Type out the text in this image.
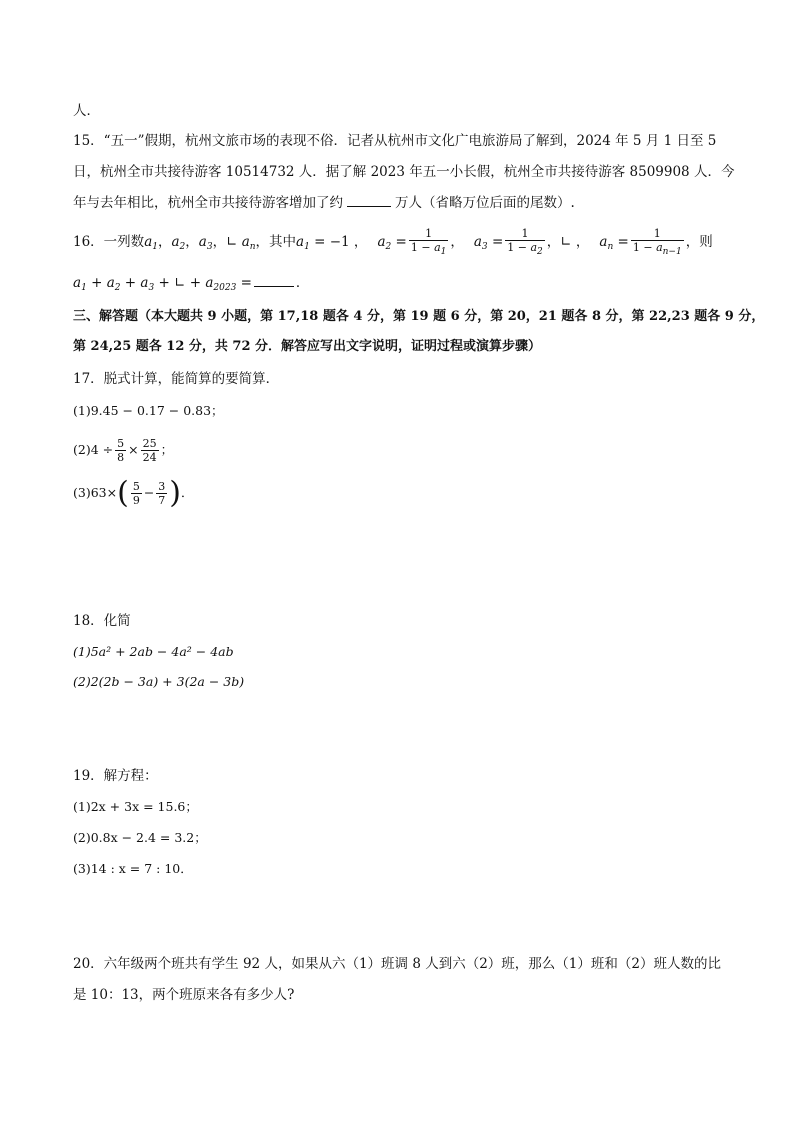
人．
15．“五一”假期，杭州文旅市场的表现不俗．记者从杭州市文化广电旅游局了解到，2024 年 5 月 1 日至 5
日，杭州全市共接待游客 10514732 人．据了解 2023 年五一小长假，杭州全市共接待游客 8509908 人．今
年与去年相比，杭州全市共接待游客增加了约	万人（省略万位后面的尾数）.
16．一列数$a_1$，$a_2$，$a_3$，∟ $a_n$，其中$a_1 = -1$ ， $a_2 = \frac{1}{1 - a_1}$ ， $a_3 = \frac{1}{1 - a_2}$ ，∟ ， $a_n = \frac{1}{1 - a_{n-1}}$ ，则
$a_1 + a_2 + a_3$ + ∟ + $a_{2023}$ =	．
三、解答题（本大题共 9 小题，第 17,18 题各 4 分，第 19 题 6 分，第 20，21 题各 8 分，第 22,23 题各 9 分，
第 24,25 题各 12 分，共 72 分．解答应写出文字说明，证明过程或演算步骤）
17．脱式计算，能简算的要简算．
(1)9.45 − 0.17 − 0.83；
$(2)4 \div \frac{5}{8} \times \frac{25}{24}$ ；
$(3)63\times( \frac{5}{9} - \frac{3}{7}$ )．
18．化简
(1)5a² + 2ab − 4a² − 4ab
(2)2(2b − 3a) + 3(2a − 3b)
19．解方程：
(1)2x + 3x = 15.6；
(2)0.8x − 2.4 = 3.2；
(3)14 : x = 7 : 10．
20．六年级两个班共有学生 92 人，如果从六（1）班调 8 人到六（2）班，那么（1）班和（2）班人数的比
是 10：13，两个班原来各有多少人?
